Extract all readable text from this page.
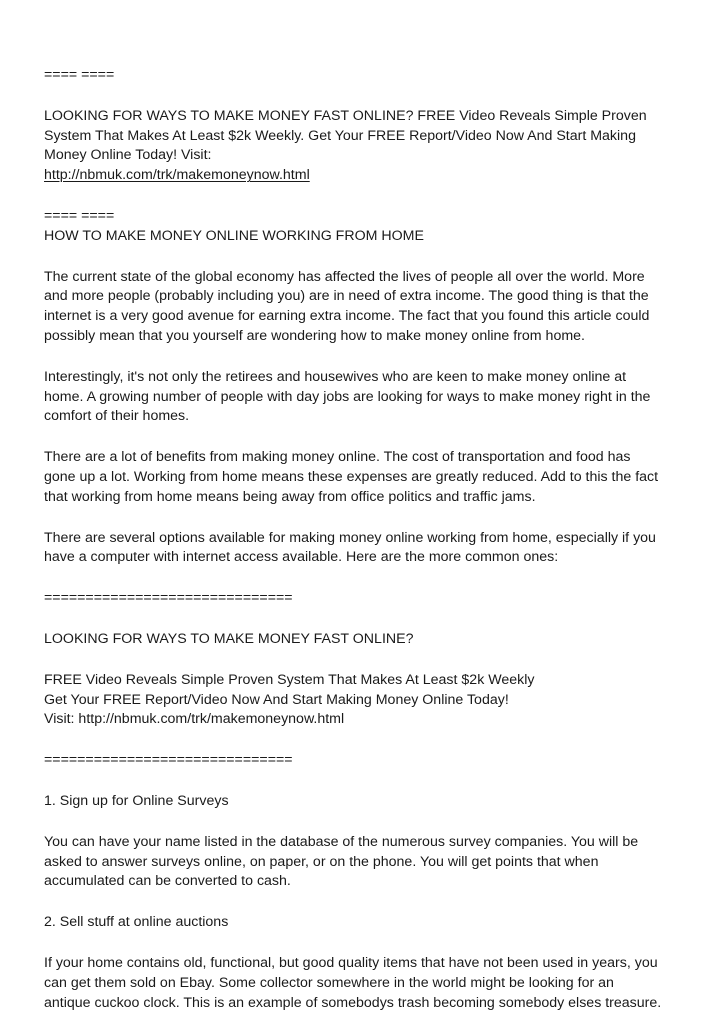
==== ====
LOOKING FOR WAYS TO MAKE MONEY FAST ONLINE? FREE Video Reveals Simple Proven
System That Makes At Least $2k Weekly. Get Your FREE Report/Video Now And Start Making
Money Online Today! Visit:
http://nbmuk.com/trk/makemoneynow.html
==== ====
HOW TO MAKE MONEY ONLINE WORKING FROM HOME
The current state of the global economy has affected the lives of people all over the world. More
and more people (probably including you) are in need of extra income. The good thing is that the
internet is a very good avenue for earning extra income. The fact that you found this article could
possibly mean that you yourself are wondering how to make money online from home.
Interestingly, it's not only the retirees and housewives who are keen to make money online at
home. A growing number of people with day jobs are looking for ways to make money right in the
comfort of their homes.
There are a lot of benefits from making money online. The cost of transportation and food has
gone up a lot. Working from home means these expenses are greatly reduced. Add to this the fact
that working from home means being away from office politics and traffic jams.
There are several options available for making money online working from home, especially if you
have a computer with internet access available. Here are the more common ones:
==============================
LOOKING FOR WAYS TO MAKE MONEY FAST ONLINE?
FREE Video Reveals Simple Proven System That Makes At Least $2k Weekly
Get Your FREE Report/Video Now And Start Making Money Online Today!
Visit: http://nbmuk.com/trk/makemoneynow.html
==============================
1. Sign up for Online Surveys
You can have your name listed in the database of the numerous survey companies. You will be
asked to answer surveys online, on paper, or on the phone. You will get points that when
accumulated can be converted to cash.
2. Sell stuff at online auctions
If your home contains old, functional, but good quality items that have not been used in years, you
can get them sold on Ebay. Some collector somewhere in the world might be looking for an
antique cuckoo clock. This is an example of somebodys trash becoming somebody elses treasure.
